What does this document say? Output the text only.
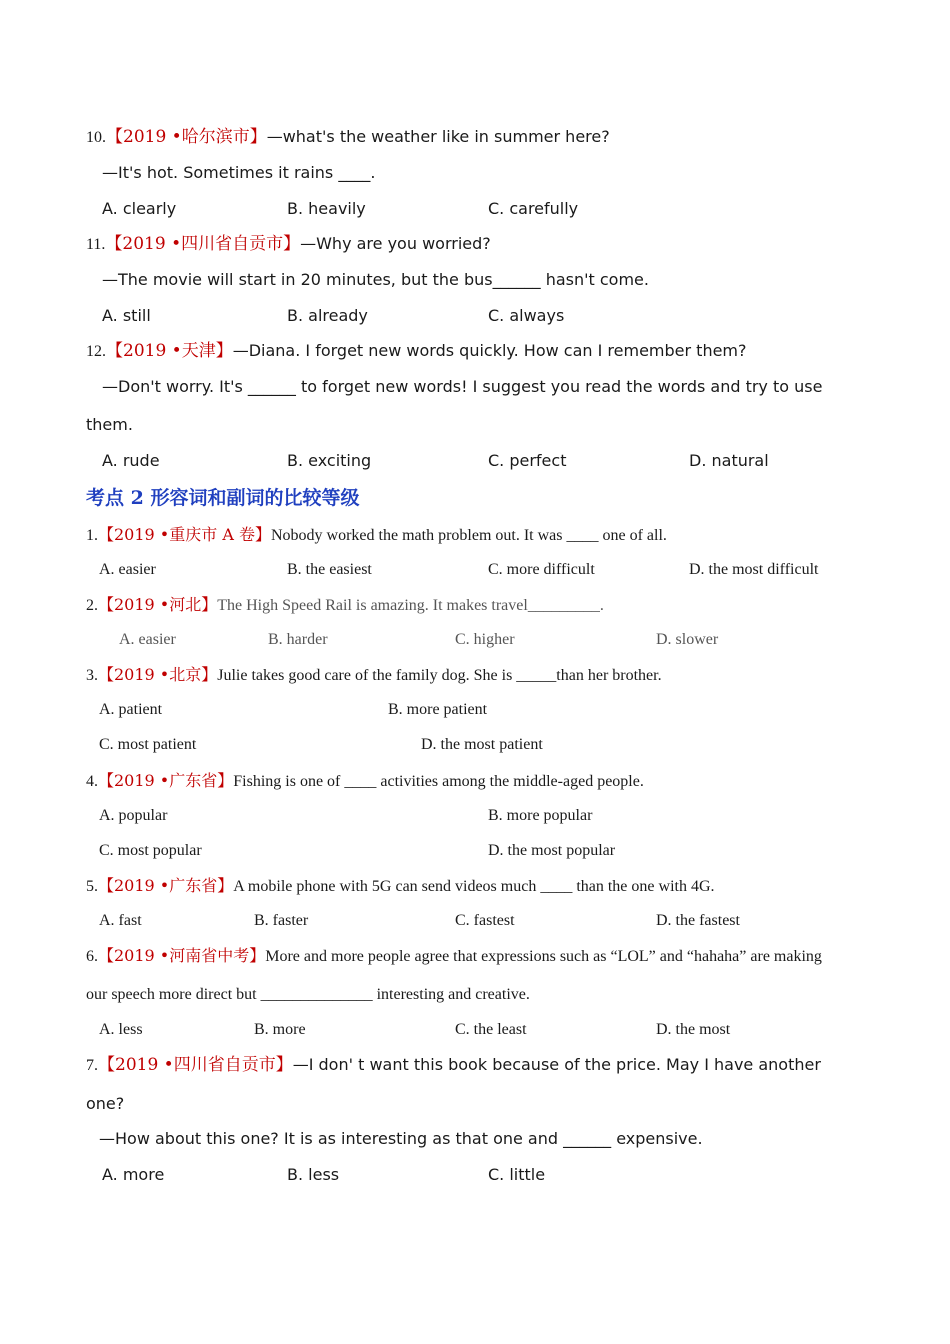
10.【2019 •哈尔滨市】—what's the weather like in summer here?
—It's hot. Sometimes it rains ____.
A. clearly	B. heavily	C. carefully
11.【2019 •四川省自贡市】—Why are you worried?
—The movie will start in 20 minutes, but the bus______ hasn't come.
A. still	B. already	C. always
12.【2019 •天津】—Diana. I forget new words quickly. How can I remember them?
—Don't worry. It's ______ to forget new words! I suggest you read the words and try to use
them.
A. rude	B. exciting	C. perfect	D. natural
考点 2 形容词和副词的比较等级
1.【2019 •重庆市 A 卷】Nobody worked the math problem out. It was ____ one of all.
A. easier	B. the easiest	C. more difficult	D. the most difficult
2.【2019 •河北】The High Speed Rail is amazing. It makes travel_________.
A. easier	B. harder	C. higher	D. slower
3.【2019 •北京】Julie takes good care of the family dog. She is _____than her brother.
A. patient	B. more patient
C. most patient	D. the most patient
4.【2019 •广东省】Fishing is one of ____ activities among the middle-aged people.
A. popular	B. more popular
C. most popular	D. the most popular
5.【2019 •广东省】A mobile phone with 5G can send videos much ____ than the one with 4G.
A. fast	B. faster	C. fastest	D. the fastest
6.【2019 •河南省中考】More and more people agree that expressions such as “LOL” and “hahaha” are making
our speech more direct but ______________ interesting and creative.
A. less	B. more	C. the least	D. the most
7.【2019 •四川省自贡市】—I don' t want this book because of the price. May I have another
one?
—How about this one? It is as interesting as that one and ______ expensive.
A. more	B. less	C. little
